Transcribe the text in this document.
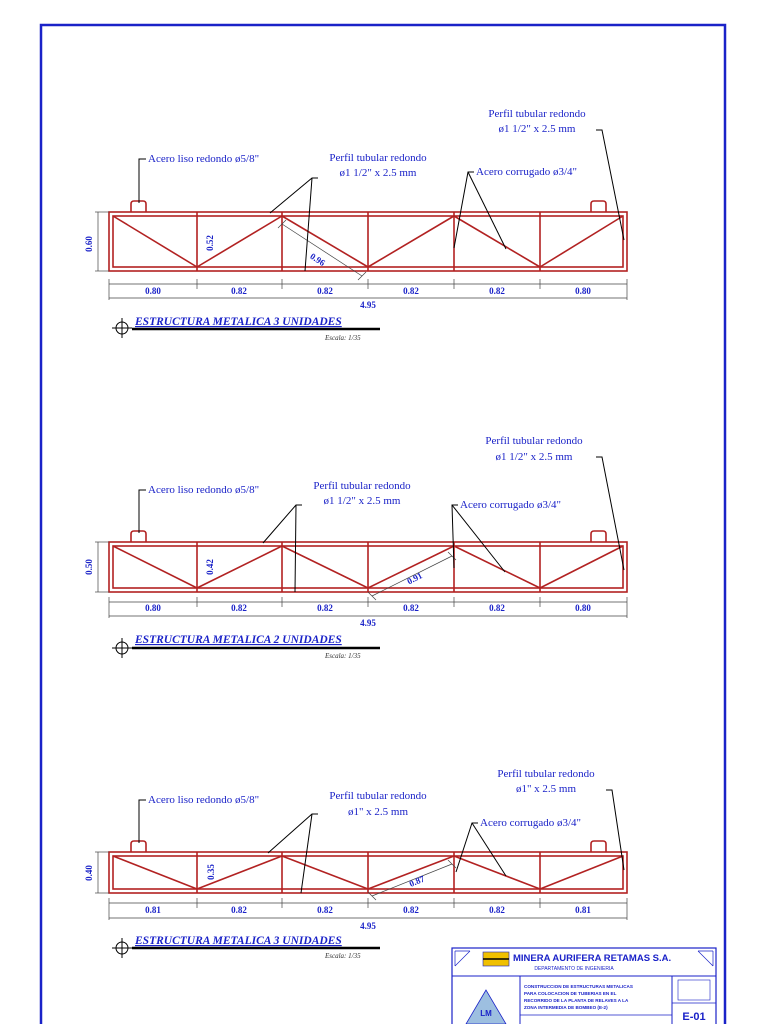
0.60	0.52
0.96
0.80	0.82	0.82	0.82	0.82	0.80
4.95
Acero liso redondo ø5/8"	Perfil tubular redondo
ø1 1/2" x 2.5 mm	Acero corrugado ø3/4"
Perfil tubular redondo
ø1 1/2" x 2.5 mm
ESTRUCTURA METALICA 3 UNIDADES
Escala: 1/35
0.50	0.42
0.91
0.80	0.82	0.82	0.82	0.82	0.80
4.95
Acero liso redondo ø5/8"	Perfil tubular redondo
ø1 1/2" x 2.5 mm	Acero corrugado ø3/4"
Perfil tubular redondo
ø1 1/2" x 2.5 mm
ESTRUCTURA METALICA 2 UNIDADES
Escala: 1/35
0.40	0.35
0.87
0.81	0.82	0.82	0.82	0.82	0.81
4.95
Acero liso redondo ø5/8"	Perfil tubular redondo
ø1" x 2.5 mm
Acero corrugado ø3/4"
Perfil tubular redondo
ø1" x 2.5 mm
ESTRUCTURA METALICA 3 UNIDADES
Escala: 1/35	MINERA AURIFERA RETAMAS S.A.
DEPARTAMENTO DE INGENIERIA
LM
CONSTRUCCION DE ESTRUCTURAS METALICAS
PARA COLOCACION DE TUBERIAS EN EL
RECORRIDO DE LA PLANTA DE RELAVES A LA
ZONA INTERMEDIA DE BOMBEO (E-2)
E-01
